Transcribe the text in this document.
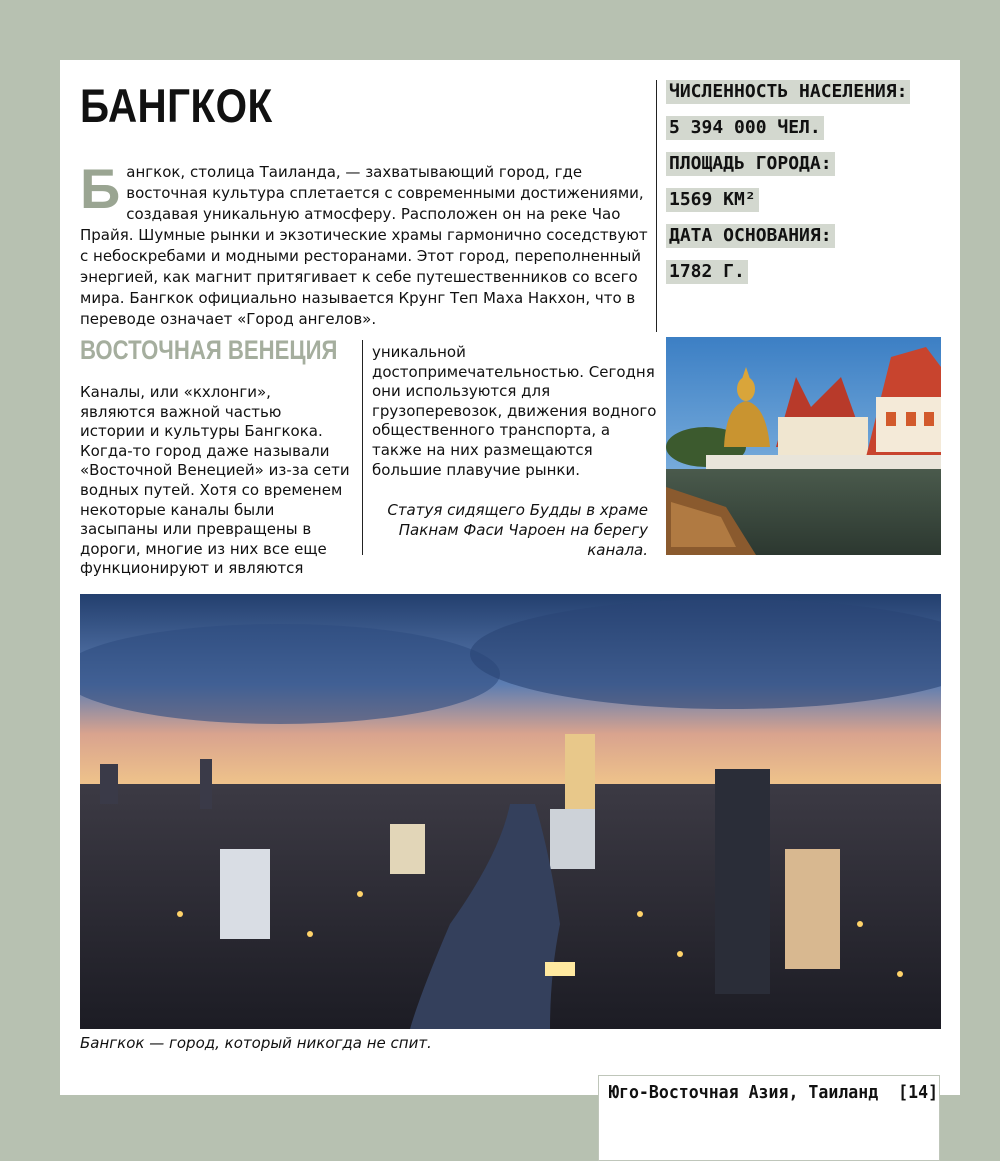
БАНГКОК
Б ангкок, столица Таиланда, — захватывающий город, где восточная культура сплетается с современными достижениями, создавая уникальную атмосферу. Расположен он на реке Чао Прайя. Шумные рынки и экзотические храмы гармонично соседствуют с небоскребами и модными ресторанами. Этот город, переполненный энергией, как магнит притягивает к себе путешественников со всего мира. Бангкок официально называется Крунг Теп Маха Накхон, что в переводе означает «Город ангелов».
ЧИСЛЕННОСТЬ НАСЕЛЕНИЯ:
5 394 000 ЧЕЛ.
ПЛОЩАДЬ ГОРОДА:
1569 КМ²
ДАТА ОСНОВАНИЯ:
1782 Г.
ВОСТОЧНАЯ ВЕНЕЦИЯ
Каналы, или «кхлонги», являются важной частью истории и культуры Бангкока. Когда-то город даже называли «Восточной Венецией» из-за сети водных путей. Хотя со временем некоторые каналы были засыпаны или превращены в дороги, многие из них все еще функционируют и являются
уникальной достопримечательностью. Сегодня они используются для грузоперевозок, движения водного общественного транспорта, а также на них размещаются большие плавучие рынки.
Статуя сидящего Будды в храме Пакнам Фаси Чароен на берегу канала.
Бангкок — город, который никогда не спит.
Юго-Восточная Азия, Таиланд [14]
